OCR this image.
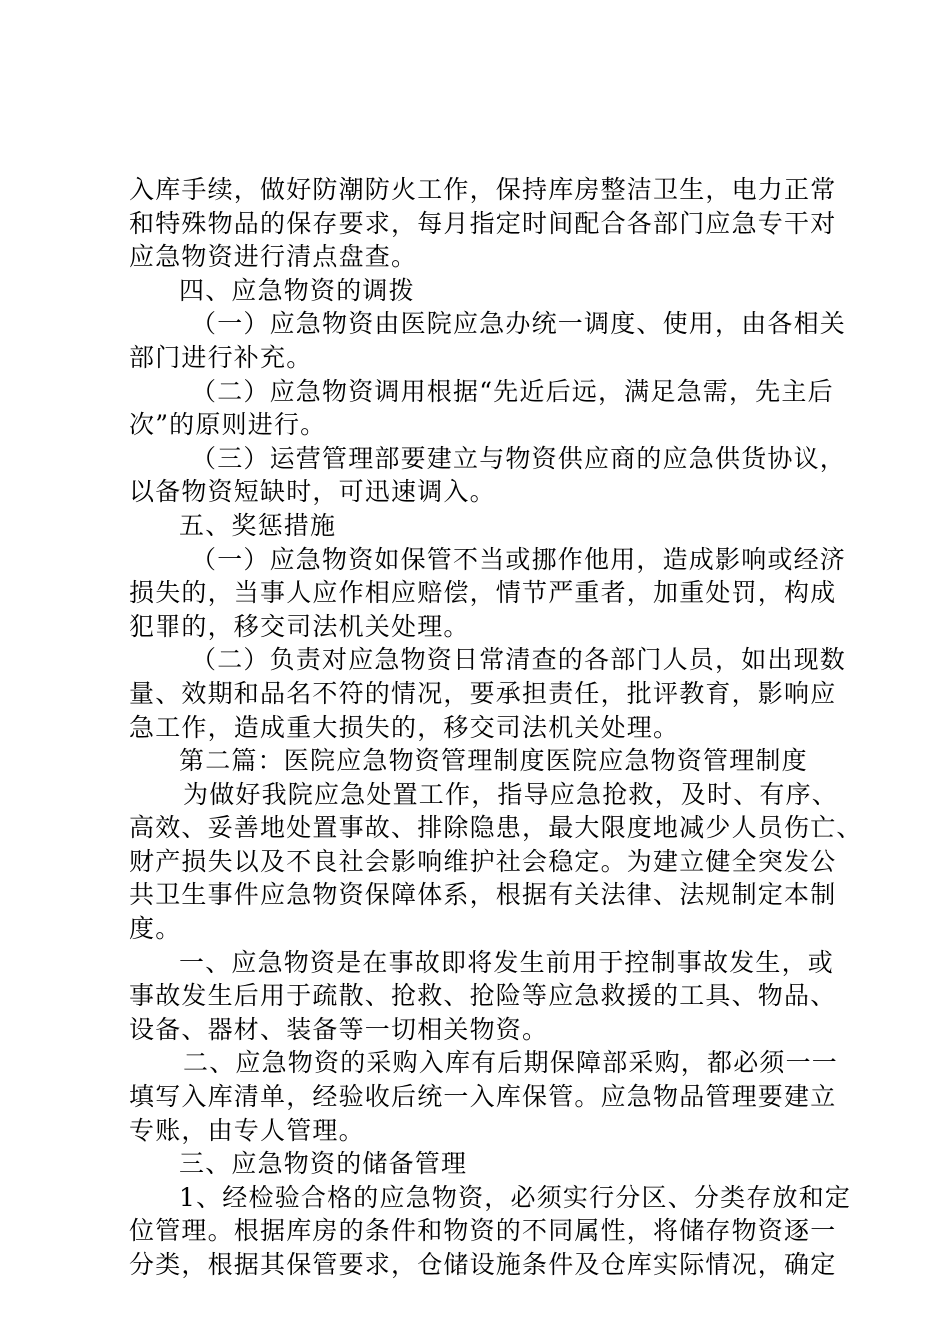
入库手续，做好防潮防火工作，保持库房整洁卫生，电力正常
和特殊物品的保存要求，每月指定时间配合各部门应急专干对
应急物资进行清点盘查。
四、应急物资的调拨
（一）应急物资由医院应急办统一调度、使用，由各相关
部门进行补充。
（二）应急物资调用根据“先近后远，满足急需，先主后
次”的原则进行。
（三）运营管理部要建立与物资供应商的应急供货协议，
以备物资短缺时，可迅速调入。
五、奖惩措施
（一）应急物资如保管不当或挪作他用，造成影响或经济
损失的，当事人应作相应赔偿，情节严重者，加重处罚，构成
犯罪的，移交司法机关处理。
（二）负责对应急物资日常清查的各部门人员，如出现数
量、效期和品名不符的情况，要承担责任，批评教育，影响应
急工作，造成重大损失的，移交司法机关处理。
第二篇：医院应急物资管理制度医院应急物资管理制度
为做好我院应急处置工作，指导应急抢救，及时、有序、
高效、妥善地处置事故、排除隐患，最大限度地减少人员伤亡、
财产损失以及不良社会影响维护社会稳定。为建立健全突发公
共卫生事件应急物资保障体系，根据有关法律、法规制定本制
度。
一、应急物资是在事故即将发生前用于控制事故发生，或
事故发生后用于疏散、抢救、抢险等应急救援的工具、物品、
设备、器材、装备等一切相关物资。
二、应急物资的采购入库有后期保障部采购，都必须一一
填写入库清单，经验收后统一入库保管。应急物品管理要建立
专账，由专人管理。
三、应急物资的储备管理
1、经检验合格的应急物资，必须实行分区、分类存放和定
位管理。根据库房的条件和物资的不同属性，将储存物资逐一
分类，根据其保管要求，仓储设施条件及仓库实际情况，确定
